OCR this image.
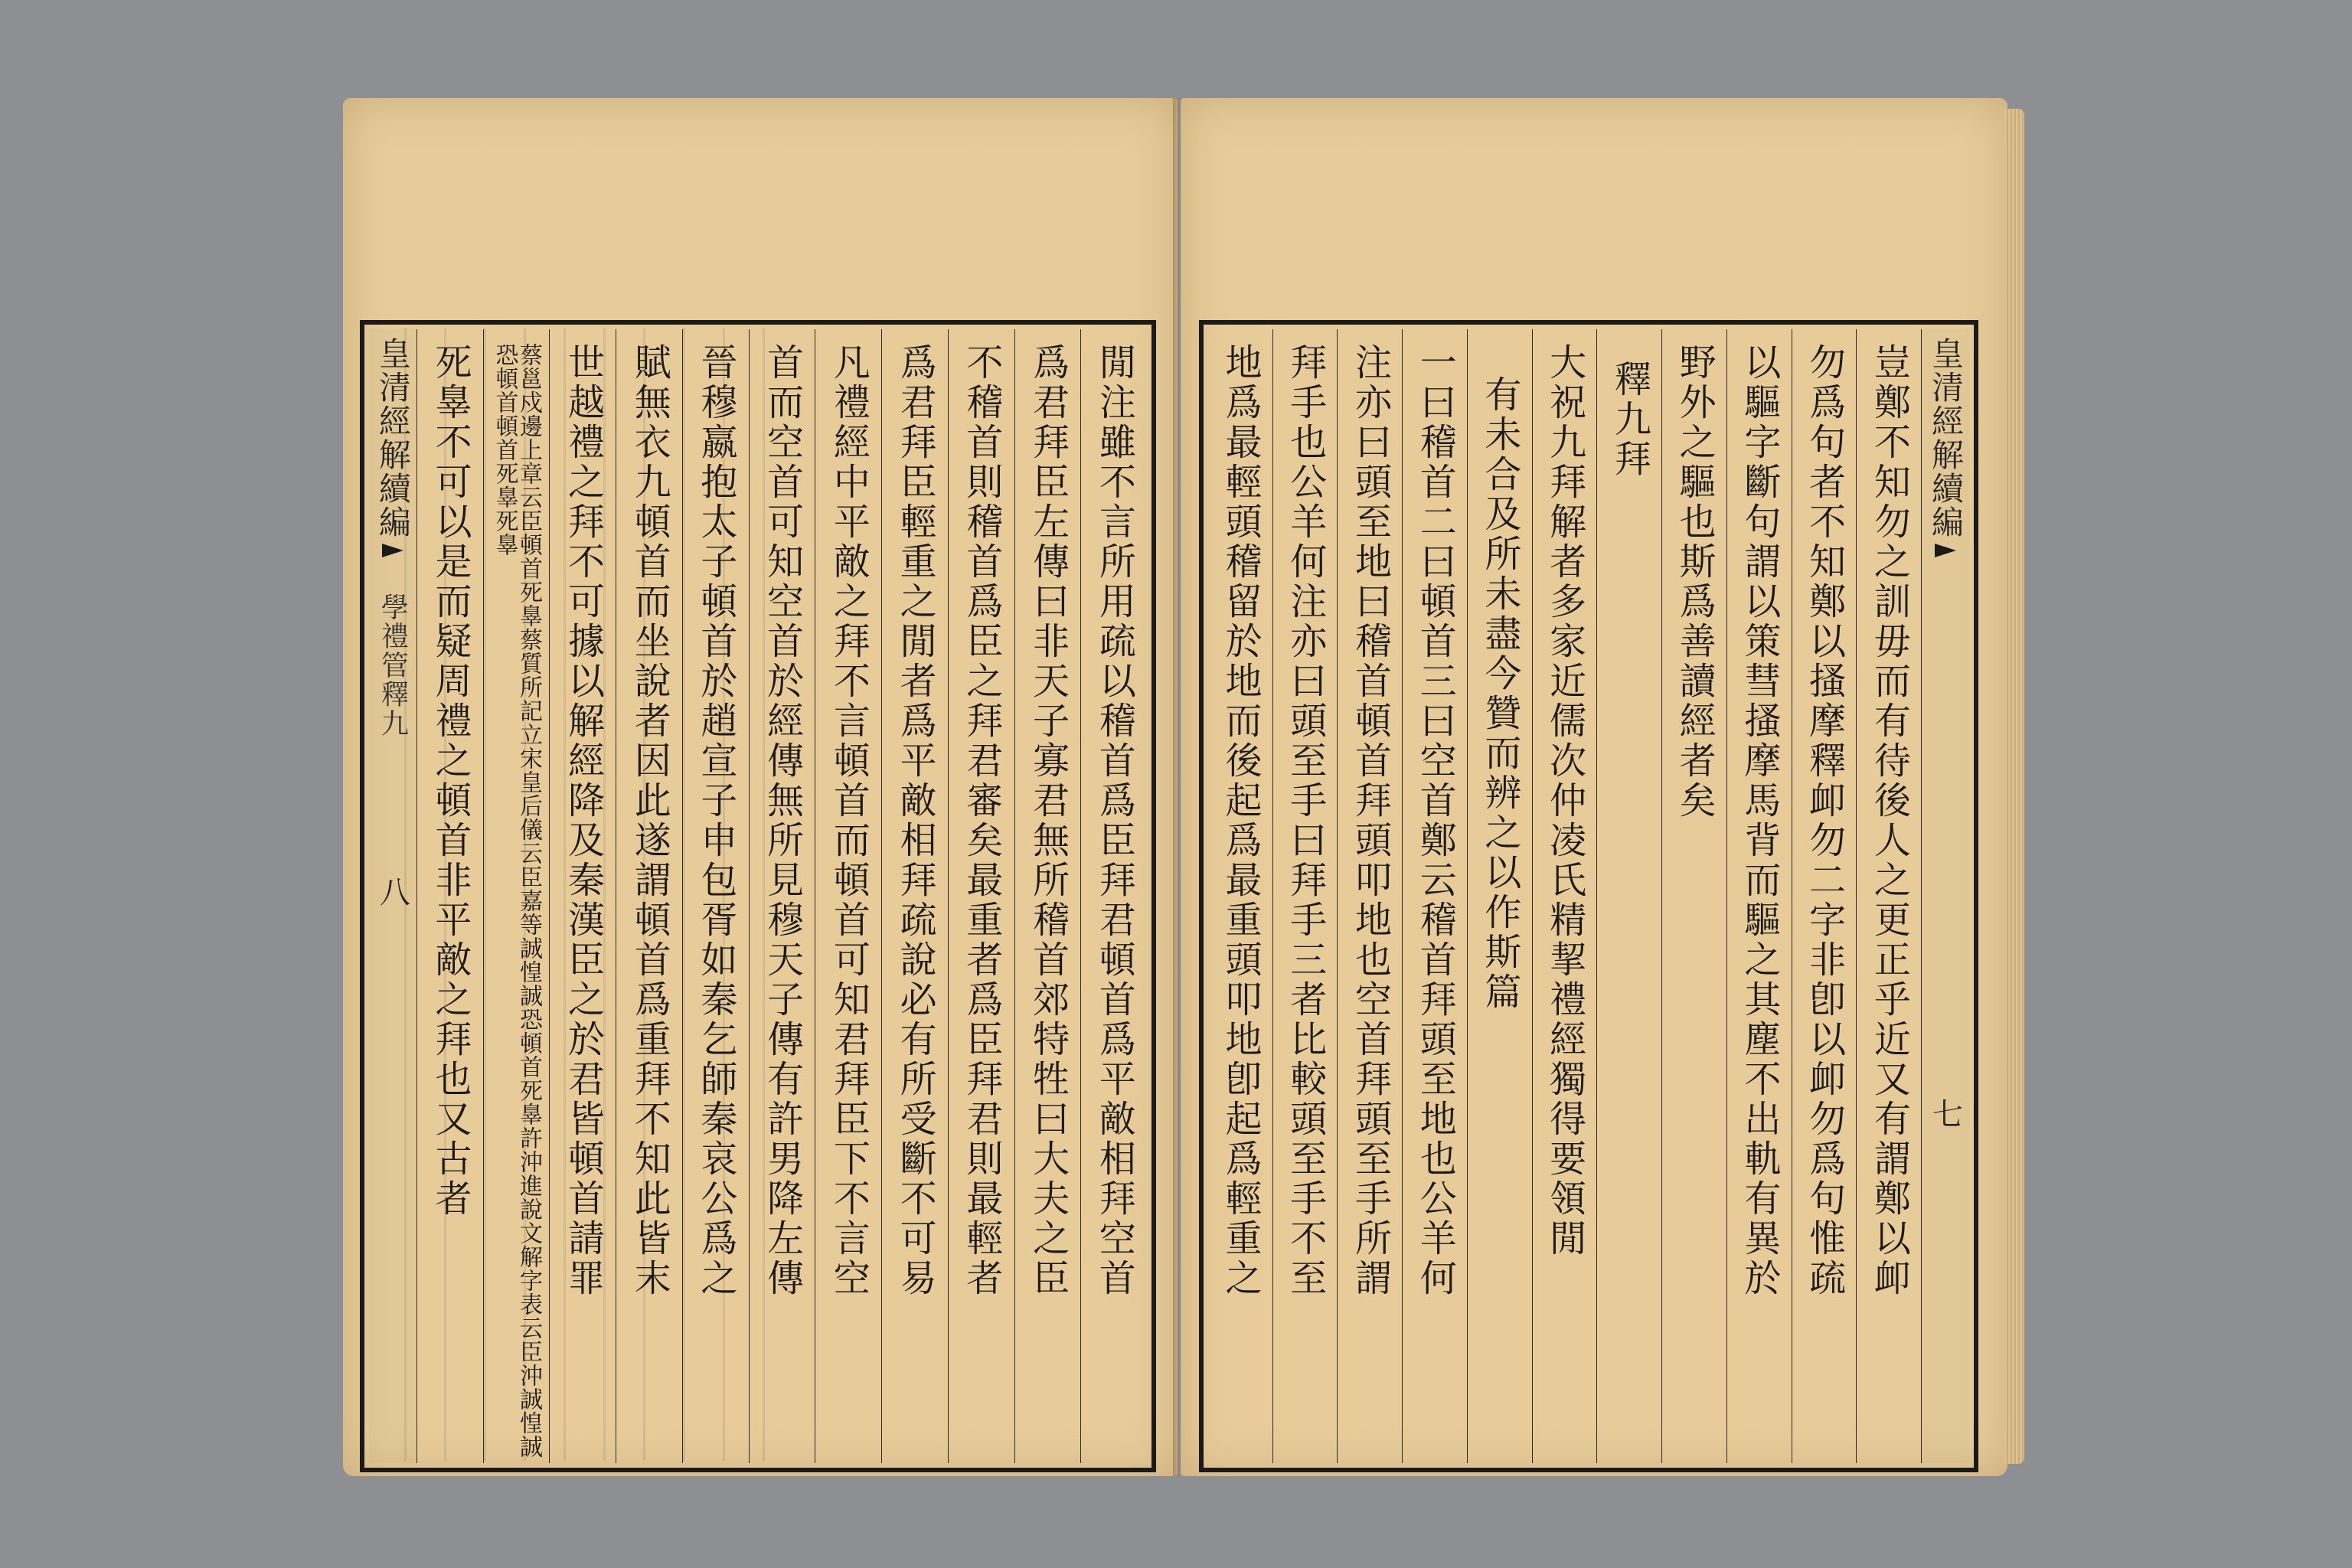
閒注雖不言所用疏以稽首爲臣拜君頓首爲平敵相拜空首
爲君拜臣左傳曰非天子寡君無所稽首郊特牲曰大夫之臣
不稽首則稽首爲臣之拜君審矣最重者爲臣拜君則最輕者
爲君拜臣輕重之閒者爲平敵相拜疏說必有所受斷不可易
凡禮經中平敵之拜不言頓首而頓首可知君拜臣下不言空
首而空首可知空首於經傳無所見穆天子傳有許男降左傳
晉穆嬴抱太子頓首於趙宣子申包胥如秦乞師秦哀公爲之
賦無衣九頓首而坐說者因此遂謂頓首爲重拜不知此皆末
世越禮之拜不可據以解經降及秦漢臣之於君皆頓首請罪
蔡邕戍邊上章云臣頓首死辠蔡質所記立宋皇后儀云臣嘉等誠惶誠恐頓首死辠許沖進說文解字表云臣沖誠惶誠恐頓首頓首死辠死辠
死辠不可以是而疑周禮之頓首非平敵之拜也又古者
皇清經解續編
學禮管釋九
八
皇清經解續編
七
豈鄭不知勿之訓毋而有待後人之更正乎近又有謂鄭以卹
勿爲句者不知鄭以搔摩釋卹勿二字非卽以卹勿爲句惟疏
以驅字斷句謂以策彗搔摩馬背而驅之其塵不出軌有異於
野外之驅也斯爲善讀經者矣
釋九拜
大祝九拜解者多家近儒次仲凌氏精挈禮經獨得要領閒
有未合及所未盡今贊而辨之以作斯篇
一曰稽首二曰頓首三曰空首鄭云稽首拜頭至地也公羊何
注亦曰頭至地曰稽首頓首拜頭叩地也空首拜頭至手所謂
拜手也公羊何注亦曰頭至手曰拜手三者比較頭至手不至
地爲最輕頭稽留於地而後起爲最重頭叩地卽起爲輕重之
